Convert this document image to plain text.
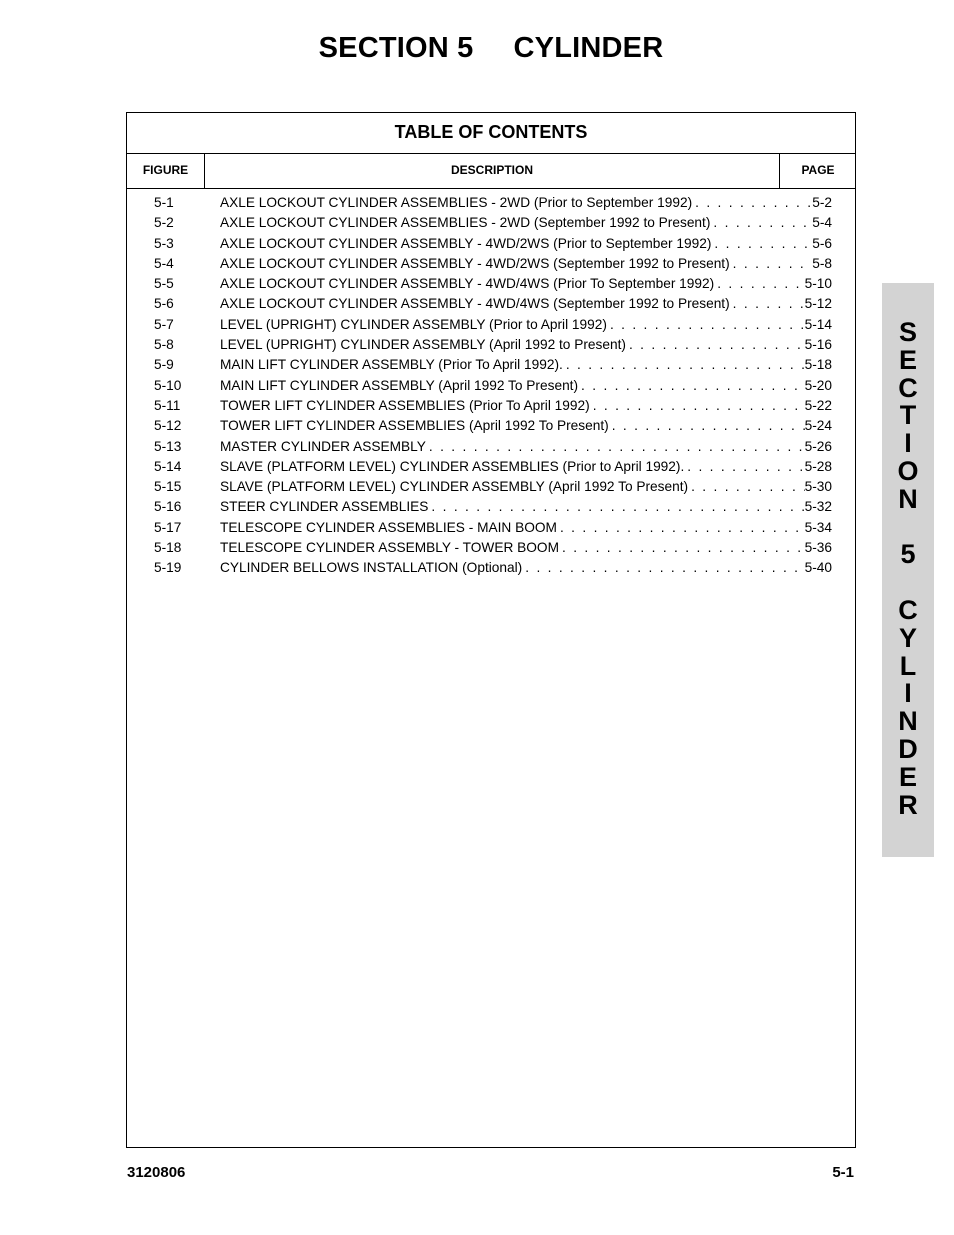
SECTION 5 CYLINDER
TABLE OF CONTENTS
FIGURE	DESCRIPTION	PAGE
5-1	AXLE LOCKOUT CYLINDER ASSEMBLIES - 2WD (Prior to September 1992) . . .	5-2
5-2	AXLE LOCKOUT CYLINDER ASSEMBLIES - 2WD (September 1992 to Present) . . .	5-4
5-3	AXLE LOCKOUT CYLINDER ASSEMBLY - 4WD/2WS (Prior to September 1992) . . .	5-6
5-4	AXLE LOCKOUT CYLINDER ASSEMBLY - 4WD/2WS (September 1992 to Present) . . .	5-8
5-5	AXLE LOCKOUT CYLINDER ASSEMBLY - 4WD/4WS (Prior To September 1992) . . .	5-10
5-6	AXLE LOCKOUT CYLINDER ASSEMBLY - 4WD/4WS (September 1992 to Present) . . .	5-12
5-7	LEVEL (UPRIGHT) CYLINDER ASSEMBLY (Prior to April 1992) . . .	5-14
5-8	LEVEL (UPRIGHT) CYLINDER ASSEMBLY (April 1992 to Present) . . .	5-16
5-9	MAIN LIFT CYLINDER ASSEMBLY (Prior To April 1992). . . .	5-18
5-10	MAIN LIFT CYLINDER ASSEMBLY (April 1992 To Present) . . .	5-20
5-11	TOWER LIFT CYLINDER ASSEMBLIES (Prior To April 1992) . . .	5-22
5-12	TOWER LIFT CYLINDER ASSEMBLIES (April 1992 To Present) . . .	5-24
5-13	MASTER CYLINDER ASSEMBLY . . .	5-26
5-14	SLAVE (PLATFORM LEVEL) CYLINDER ASSEMBLIES (Prior to April 1992). . . .	5-28
5-15	SLAVE (PLATFORM LEVEL) CYLINDER ASSEMBLY (April 1992 To Present) . . .	5-30
5-16	STEER CYLINDER ASSEMBLIES . . .	5-32
5-17	TELESCOPE CYLINDER ASSEMBLIES - MAIN BOOM . . .	5-34
5-18	TELESCOPE CYLINDER ASSEMBLY - TOWER BOOM . . .	5-36
5-19	CYLINDER BELLOWS INSTALLATION (Optional) . . .	5-40
S
E
C
T
I
O
N

5

C
Y
L
I
N
D
E
R
3120806	5-1
